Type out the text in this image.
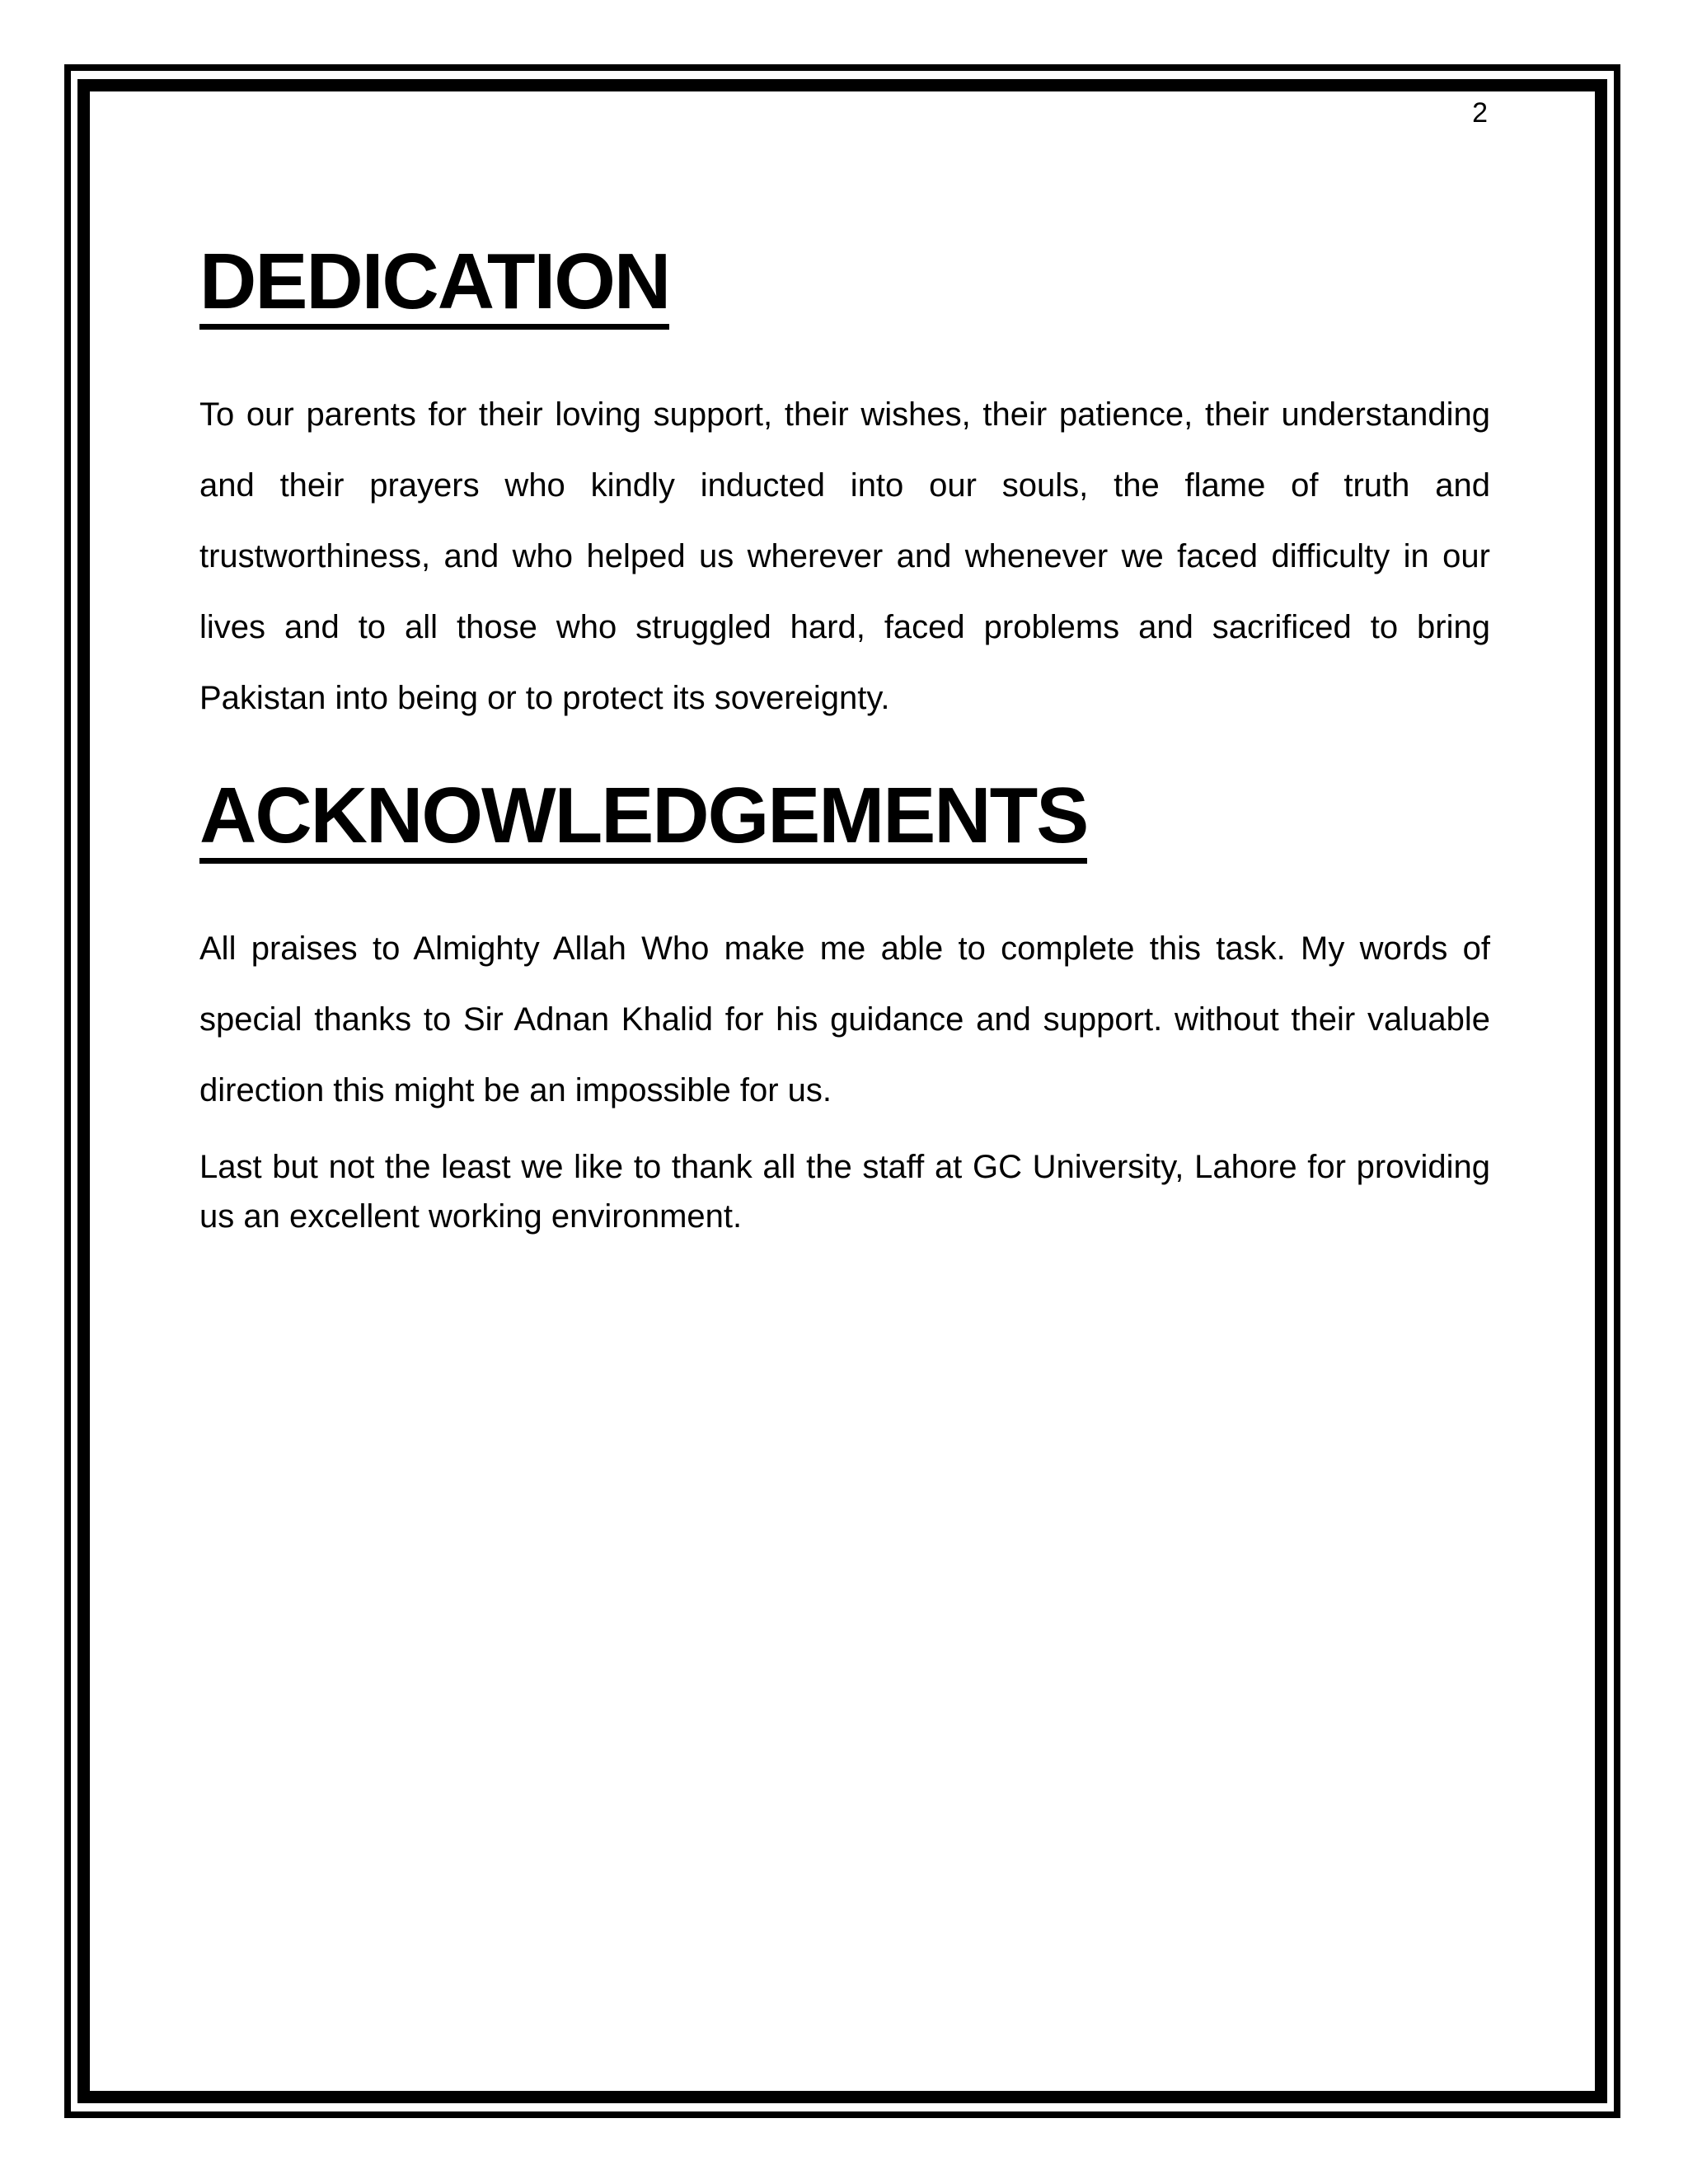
2
DEDICATION

To our parents for their loving support, their wishes, their patience, their understanding and their prayers who kindly inducted into our souls, the flame of truth and trustworthiness, and who helped us wherever and whenever we faced difficulty in our lives and to all those who struggled hard, faced problems and sacrificed to bring Pakistan into being or to protect its sovereignty.

ACKNOWLEDGEMENTS

All praises to Almighty Allah Who make me able to complete this task. My words of special thanks to Sir Adnan Khalid for his guidance and support. without their valuable direction this might be an impossible for us.

Last but not the least we like to thank all the staff at GC University, Lahore for providing us an excellent working environment.
